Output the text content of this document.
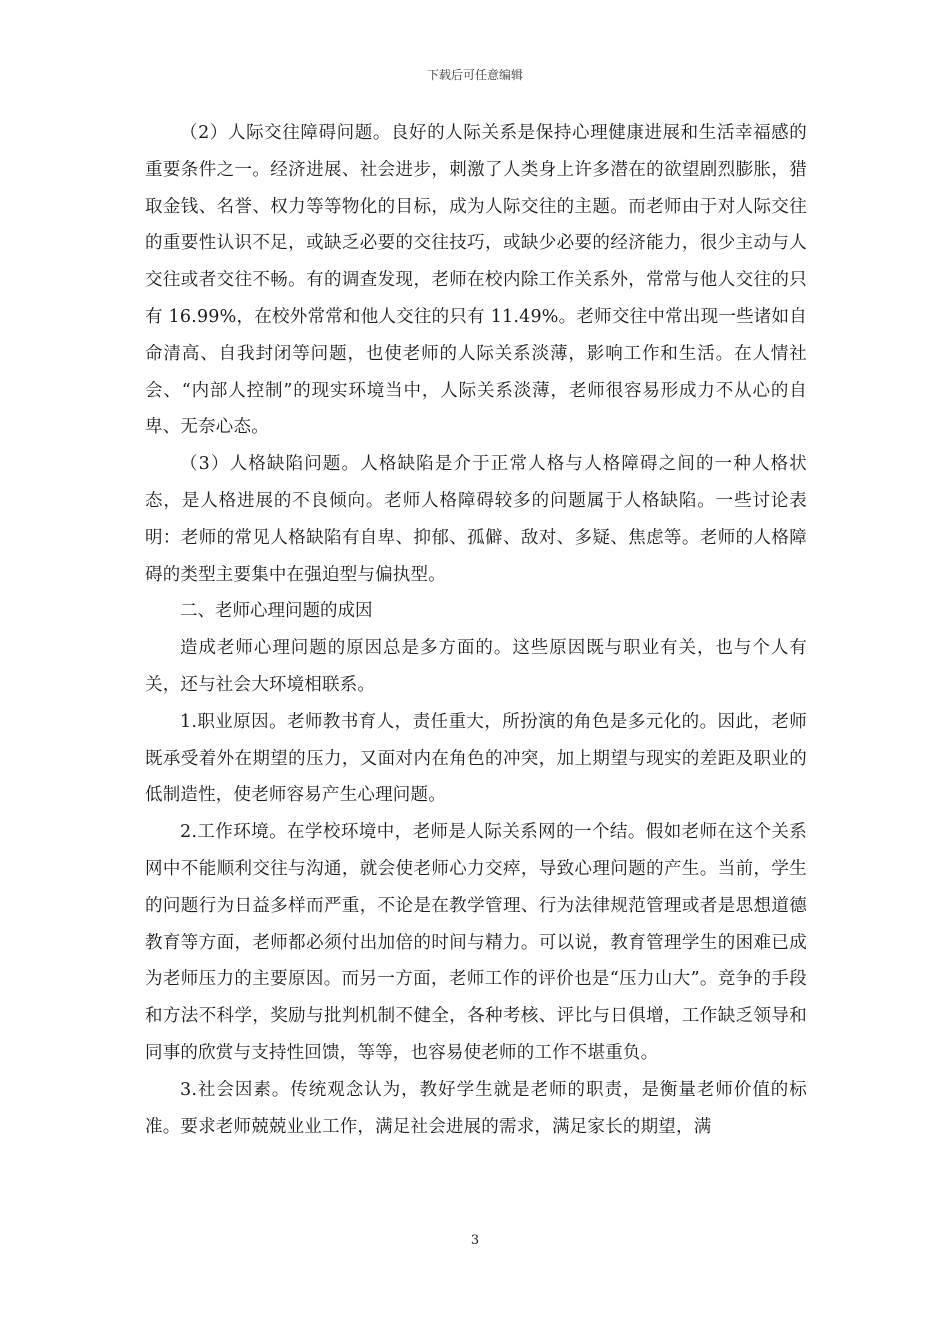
下载后可任意编辑

（2）人际交往障碍问题。良好的人际关系是保持心理健康进展和生活幸福感的重要条件之一。经济进展、社会进步，刺激了人类身上许多潜在的欲望剧烈膨胀，猎取金钱、名誉、权力等等物化的目标，成为人际交往的主题。而老师由于对人际交往的重要性认识不足，或缺乏必要的交往技巧，或缺少必要的经济能力，很少主动与人交往或者交往不畅。有的调查发现，老师在校内除工作关系外，常常与他人交往的只有 16.99%，在校外常常和他人交往的只有 11.49%。老师交往中常出现一些诸如自命清高、自我封闭等问题，也使老师的人际关系淡薄，影响工作和生活。在人情社会、“内部人控制”的现实环境当中，人际关系淡薄，老师很容易形成力不从心的自卑、无奈心态。

（3）人格缺陷问题。人格缺陷是介于正常人格与人格障碍之间的一种人格状态，是人格进展的不良倾向。老师人格障碍较多的问题属于人格缺陷。一些讨论表明：老师的常见人格缺陷有自卑、抑郁、孤僻、敌对、多疑、焦虑等。老师的人格障碍的类型主要集中在强迫型与偏执型。

二、老师心理问题的成因

造成老师心理问题的原因总是多方面的。这些原因既与职业有关，也与个人有关，还与社会大环境相联系。

1.职业原因。老师教书育人，责任重大，所扮演的角色是多元化的。因此，老师既承受着外在期望的压力，又面对内在角色的冲突，加上期望与现实的差距及职业的低制造性，使老师容易产生心理问题。

2.工作环境。在学校环境中，老师是人际关系网的一个结。假如老师在这个关系网中不能顺利交往与沟通，就会使老师心力交瘁，导致心理问题的产生。当前，学生的问题行为日益多样而严重，不论是在教学管理、行为法律规范管理或者是思想道德教育等方面，老师都必须付出加倍的时间与精力。可以说，教育管理学生的困难已成为老师压力的主要原因。而另一方面，老师工作的评价也是“压力山大”。竞争的手段和方法不科学，奖励与批判机制不健全，各种考核、评比与日俱增，工作缺乏领导和同事的欣赏与支持性回馈，等等，也容易使老师的工作不堪重负。

3.社会因素。传统观念认为，教好学生就是老师的职责，是衡量老师价值的标准。要求老师兢兢业业工作，满足社会进展的需求，满足家长的期望，满

3
